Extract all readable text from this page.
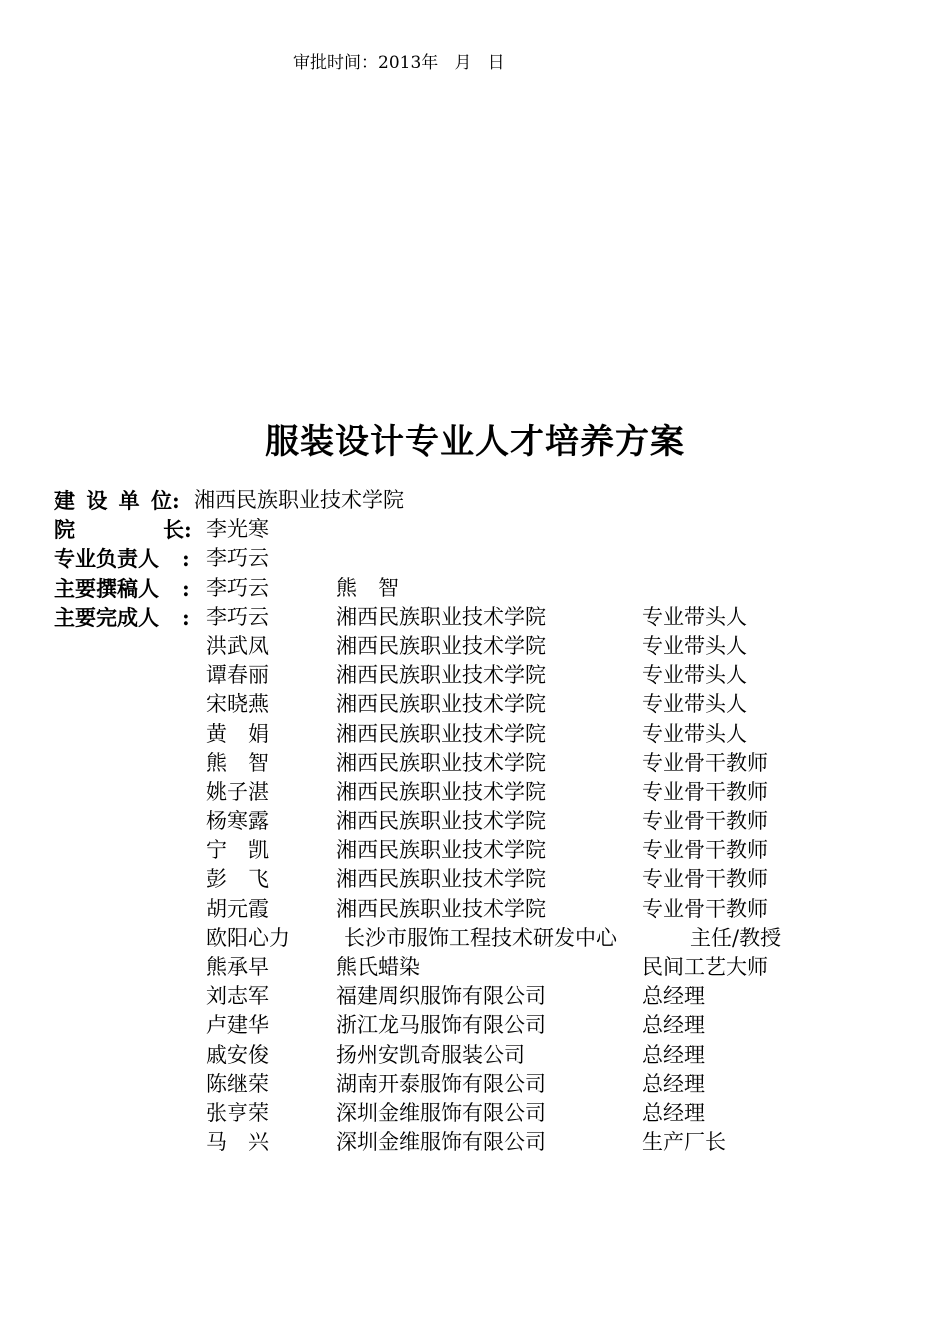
审批时间：2013年   月   日
服装设计专业人才培养方案
建设单位 : 湘西民族职业技术学院
院　　长 : 李光寒
专业负责人 : 李巧云
主要撰稿人 : 李巧云	熊　智
主要完成人 : 李巧云	湘西民族职业技术学院	专业带头人
洪武凤	湘西民族职业技术学院	专业带头人
谭春丽	湘西民族职业技术学院	专业带头人
宋晓燕	湘西民族职业技术学院	专业带头人
黄　娟	湘西民族职业技术学院	专业带头人
熊　智	湘西民族职业技术学院	专业骨干教师
姚子湛	湘西民族职业技术学院	专业骨干教师
杨寒露	湘西民族职业技术学院	专业骨干教师
宁　凯	湘西民族职业技术学院	专业骨干教师
彭　飞	湘西民族职业技术学院	专业骨干教师
胡元霞	湘西民族职业技术学院	专业骨干教师
欧阳心力	长沙市服饰工程技术研发中心	主任/教授
熊承早	熊氏蜡染	民间工艺大师
刘志军	福建周织服饰有限公司	总经理
卢建华	浙江龙马服饰有限公司	总经理
戚安俊	扬州安凯奇服装公司	总经理
陈继荣	湖南开泰服饰有限公司	总经理
张亨荣	深圳金维服饰有限公司	总经理
马　兴	深圳金维服饰有限公司	生产厂长
